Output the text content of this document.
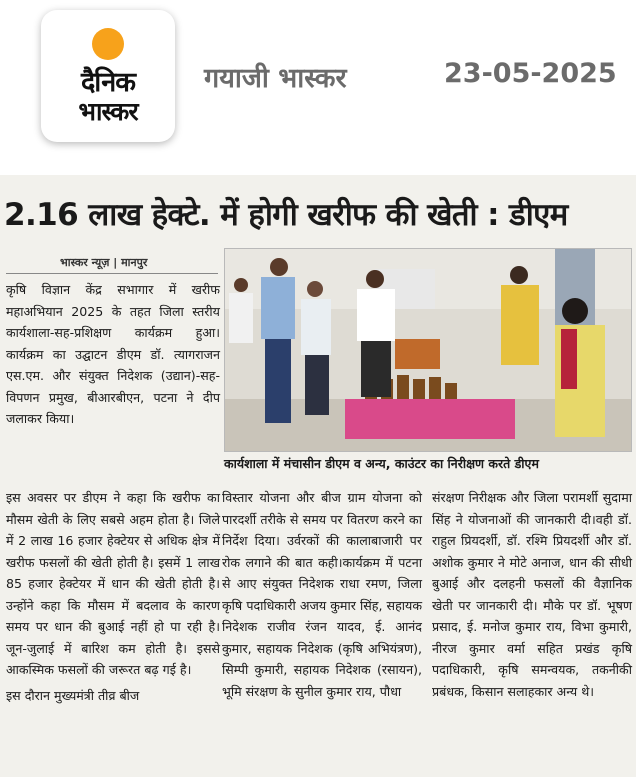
दैनिक
भास्कर
गयाजी भास्कर	23-05-2025
2.16 लाख हेक्टे. में होगी खरीफ की खेती : डीएम
भास्कर न्यूज़ | मानपुर

कृषि विज्ञान केंद्र सभागार में खरीफ महाअभियान 2025 के तहत जिला स्तरीय कार्यशाला-सह-प्रशिक्षण कार्यक्रम हुआ। कार्यक्रम का उद्घाटन डीएम डॉ. त्यागराजन एस.एम. और संयुक्त निदेशक (उद्यान)-सह-विपणन प्रमुख, बीआरबीएन, पटना ने दीप जलाकर किया।

कार्यशाला में मंचासीन डीएम व अन्य, काउंटर का निरीक्षण करते डीएम

इस अवसर पर डीएम ने कहा कि खरीफ का मौसम खेती के लिए सबसे अहम होता है। जिले में 2 लाख 16 हजार हेक्टेयर से अधिक क्षेत्र में खरीफ फसलों की खेती होती है। इसमें 1 लाख 85 हजार हेक्टेयर में धान की खेती होती है। उन्होंने कहा कि मौसम में बदलाव के कारण समय पर धान की बुआई नहीं हो पा रही है। जून-जुलाई में बारिश कम होती है। इससे आकस्मिक फसलों की जरूरत बढ़ गई है।

इस दौरान मुख्यमंत्री तीव्र बीज

विस्तार योजना और बीज ग्राम योजना को पारदर्शी तरीके से समय पर वितरण करने का निर्देश दिया। उर्वरकों की कालाबाजारी पर रोक लगाने की बात कही।कार्यक्रम में पटना से आए संयुक्त निदेशक राधा रमण, जिला कृषि पदाधिकारी अजय कुमार सिंह, सहायक निदेशक राजीव रंजन यादव, ई. आनंद कुमार, सहायक निदेशक (कृषि अभियंत्रण), सिम्पी कुमारी, सहायक निदेशक (रसायन), भूमि संरक्षण के सुनील कुमार राय, पौधा

संरक्षण निरीक्षक और जिला परामर्शी सुदामा सिंह ने योजनाओं की जानकारी दी।वही डॉ. राहुल प्रियदर्शी, डॉ. रश्मि प्रियदर्शी और डॉ. अशोक कुमार ने मोटे अनाज, धान की सीधी बुआई और दलहनी फसलों की वैज्ञानिक खेती पर जानकारी दी। मौके पर डॉ. भूषण प्रसाद, ई. मनोज कुमार राय, विभा कुमारी, नीरज कुमार वर्मा सहित प्रखंड कृषि पदाधिकारी, कृषि समन्वयक, तकनीकी प्रबंधक, किसान सलाहकार अन्य थे।
